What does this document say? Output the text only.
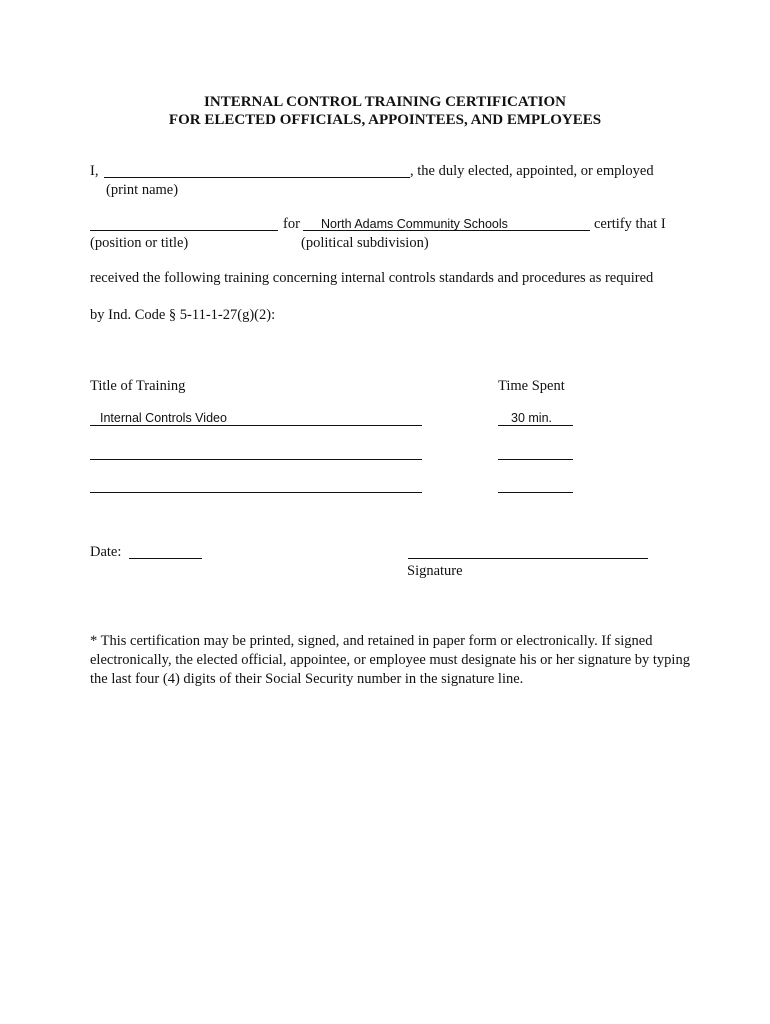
INTERNAL CONTROL TRAINING CERTIFICATION
FOR ELECTED OFFICIALS, APPOINTEES, AND EMPLOYEES
I,	, the duly elected, appointed, or employed
(print name)
for North Adams Community Schools	certify that I
(position or title)	(political subdivision)
received the following training concerning internal controls standards and procedures as required
by Ind. Code § 5-11-1-27(g)(2):
Title of Training	Time Spent
Internal Controls Video	30 min.
Date:
Signature
* This certification may be printed, signed, and retained in paper form or electronically. If signed electronically, the elected official, appointee, or employee must designate his or her signature by typing the last four (4) digits of their Social Security number in the signature line.
